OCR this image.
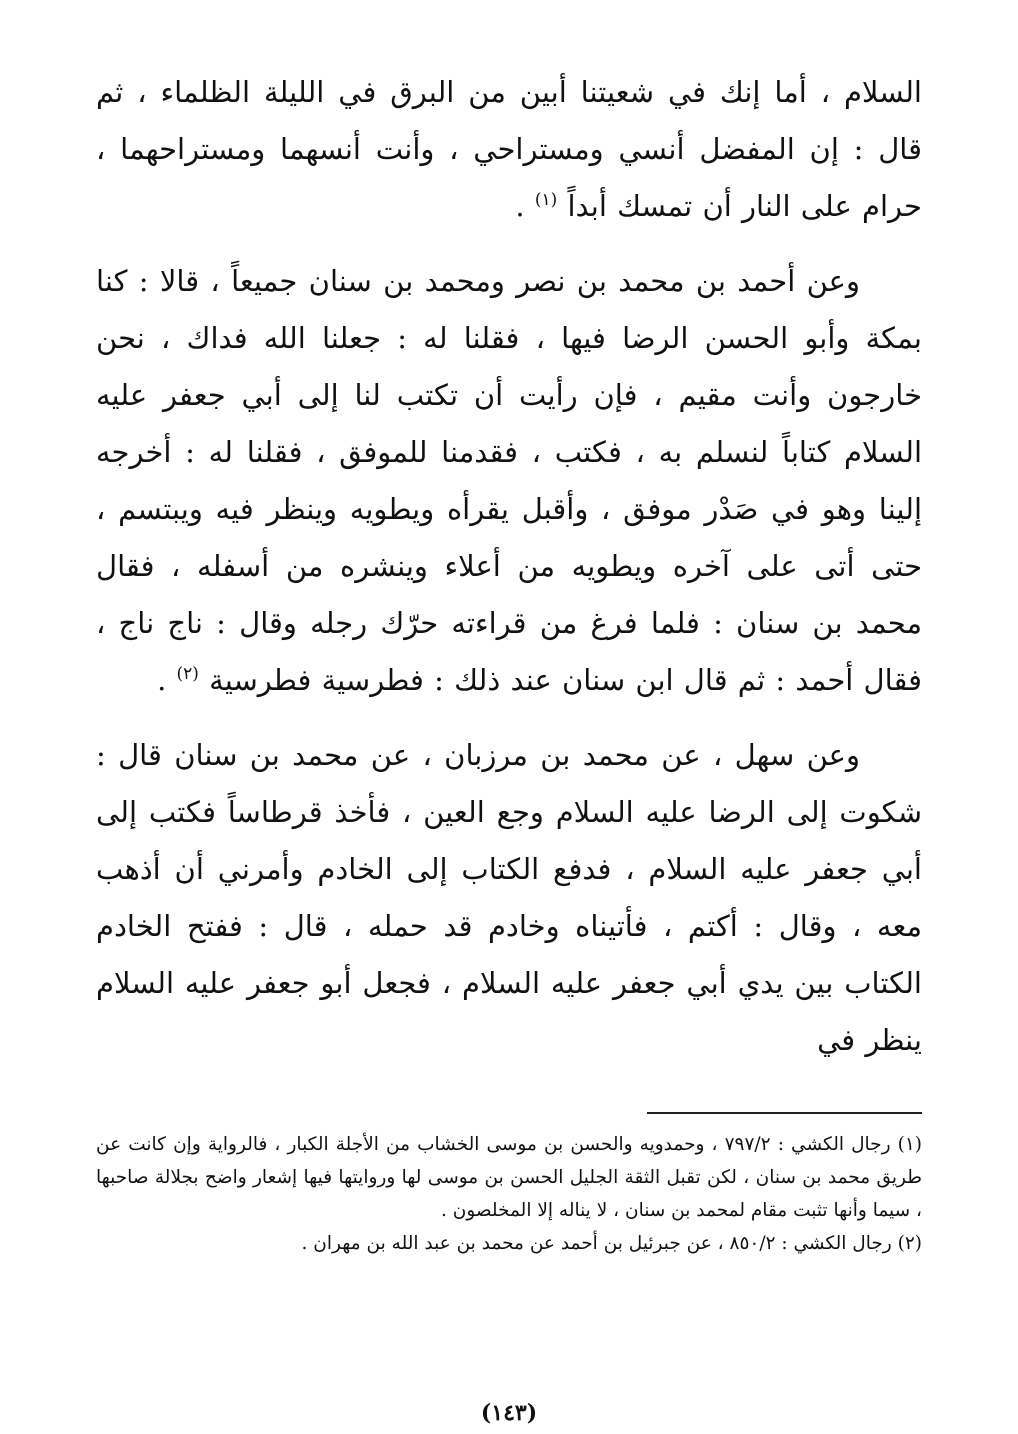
السلام ، أما إنك في شعيتنا أبين من البرق في الليلة الظلماء ، ثم قال : إن المفضل أنسي ومستراحي ، وأنت أنسهما ومستراحهما ، حرام على النار أن تمسك أبداً $^{(١)}$ .

وعن أحمد بن محمد بن نصر ومحمد بن سنان جميعاً ، قالا : كنا بمكة وأبو الحسن الرضا فيها ، فقلنا له : جعلنا الله فداك ، نحن خارجون وأنت مقيم ، فإن رأيت أن تكتب لنا إلى أبي جعفر عليه السلام كتاباً لنسلم به ، فكتب ، فقدمنا للموفق ، فقلنا له : أخرجه إلينا وهو في صَدْر موفق ، وأقبل يقرأه ويطويه وينظر فيه ويبتسم ، حتى أتى على آخره ويطويه من أعلاء وينشره من أسفله ، فقال محمد بن سنان : فلما فرغ من قراءته حرّك رجله وقال : ناج ناج ، فقال أحمد : ثم قال ابن سنان عند ذلك : فطرسية فطرسية $^{(٢)}$ .

وعن سهل ، عن محمد بن مرزبان ، عن محمد بن سنان قال : شكوت إلى الرضا عليه السلام وجع العين ، فأخذ قرطاساً فكتب إلى أبي جعفر عليه السلام ، فدفع الكتاب إلى الخادم وأمرني أن أذهب معه ، وقال : أكتم ، فأتيناه وخادم قد حمله ، قال : ففتح الخادم الكتاب بين يدي أبي جعفر عليه السلام ، فجعل أبو جعفر عليه السلام ينظر في

(١) رجال الكشي : ٧٩٧/٢ ، وحمدويه والحسن بن موسى الخشاب من الأجلة الكبار ، فالرواية وإن كانت عن طريق محمد بن سنان ، لكن تقبل الثقة الجليل الحسن بن موسى لها وروايتها فيها إشعار واضح بجلالة صاحبها ، سيما وأنها تثبت مقام لمحمد بن سنان ، لا يناله إلا المخلصون .

(٢) رجال الكشي : ٨٥٠/٢ ، عن جبرئيل بن أحمد عن محمد بن عبد الله بن مهران .

(١٤٣)
